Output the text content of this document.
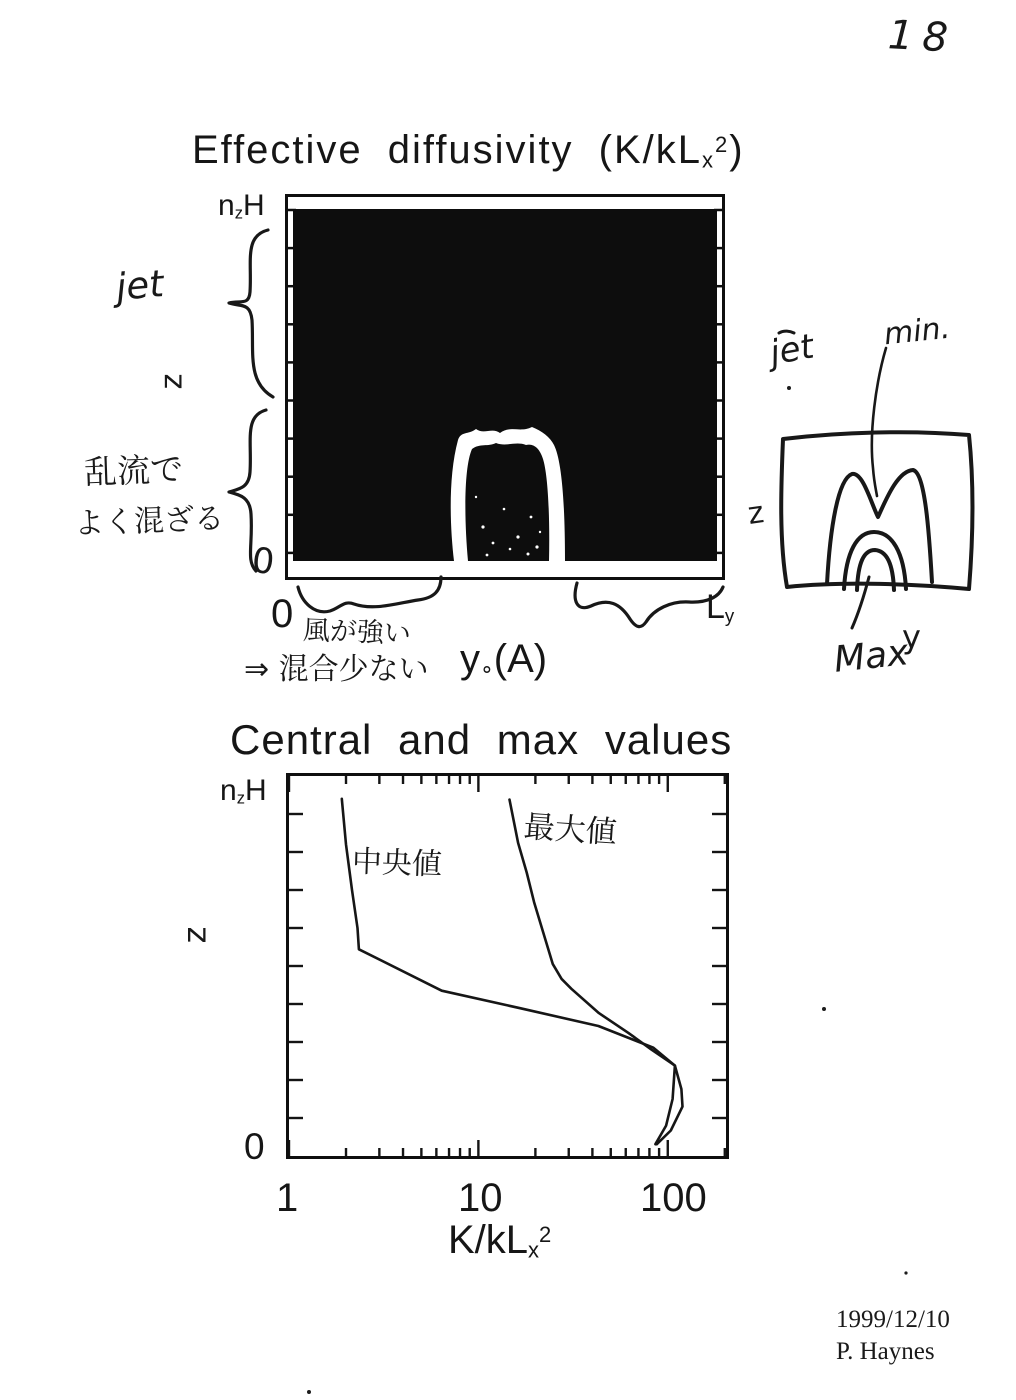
18
Effective diffusivity (K/kLx$^2$)
nzH
jet
z
乱流で
よく混ざる
0
0 風が強い
⇒ 混合少ない y∘(A)
Ly
jet min.
z
y
Max
Central and max values
nzH
中央値
最大値
z
0
1	10	100
K/kLx$^2$
1999/12/10
P. Haynes
